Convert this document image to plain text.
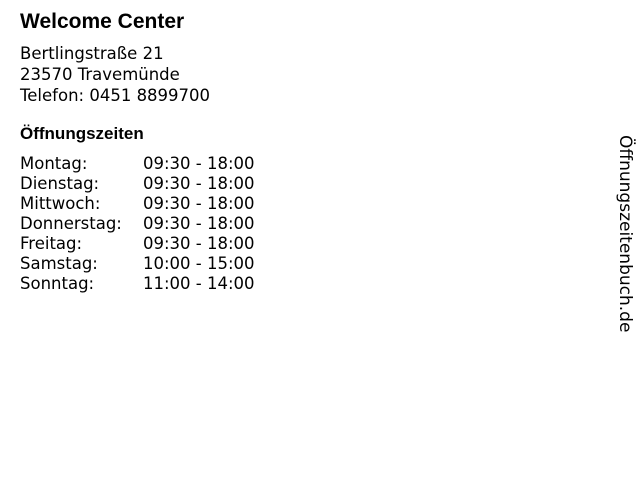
Welcome Center
Bertlingstraße 21
23570 Travemünde
Telefon: 0451 8899700
Öffnungszeiten
Montag:	09:30 - 18:00
Dienstag:	09:30 - 18:00
Mittwoch:	09:30 - 18:00
Donnerstag:	09:30 - 18:00
Freitag:	09:30 - 18:00
Samstag:	10:00 - 15:00
Sonntag:	11:00 - 14:00	Öffnungszeitenbuch.de
